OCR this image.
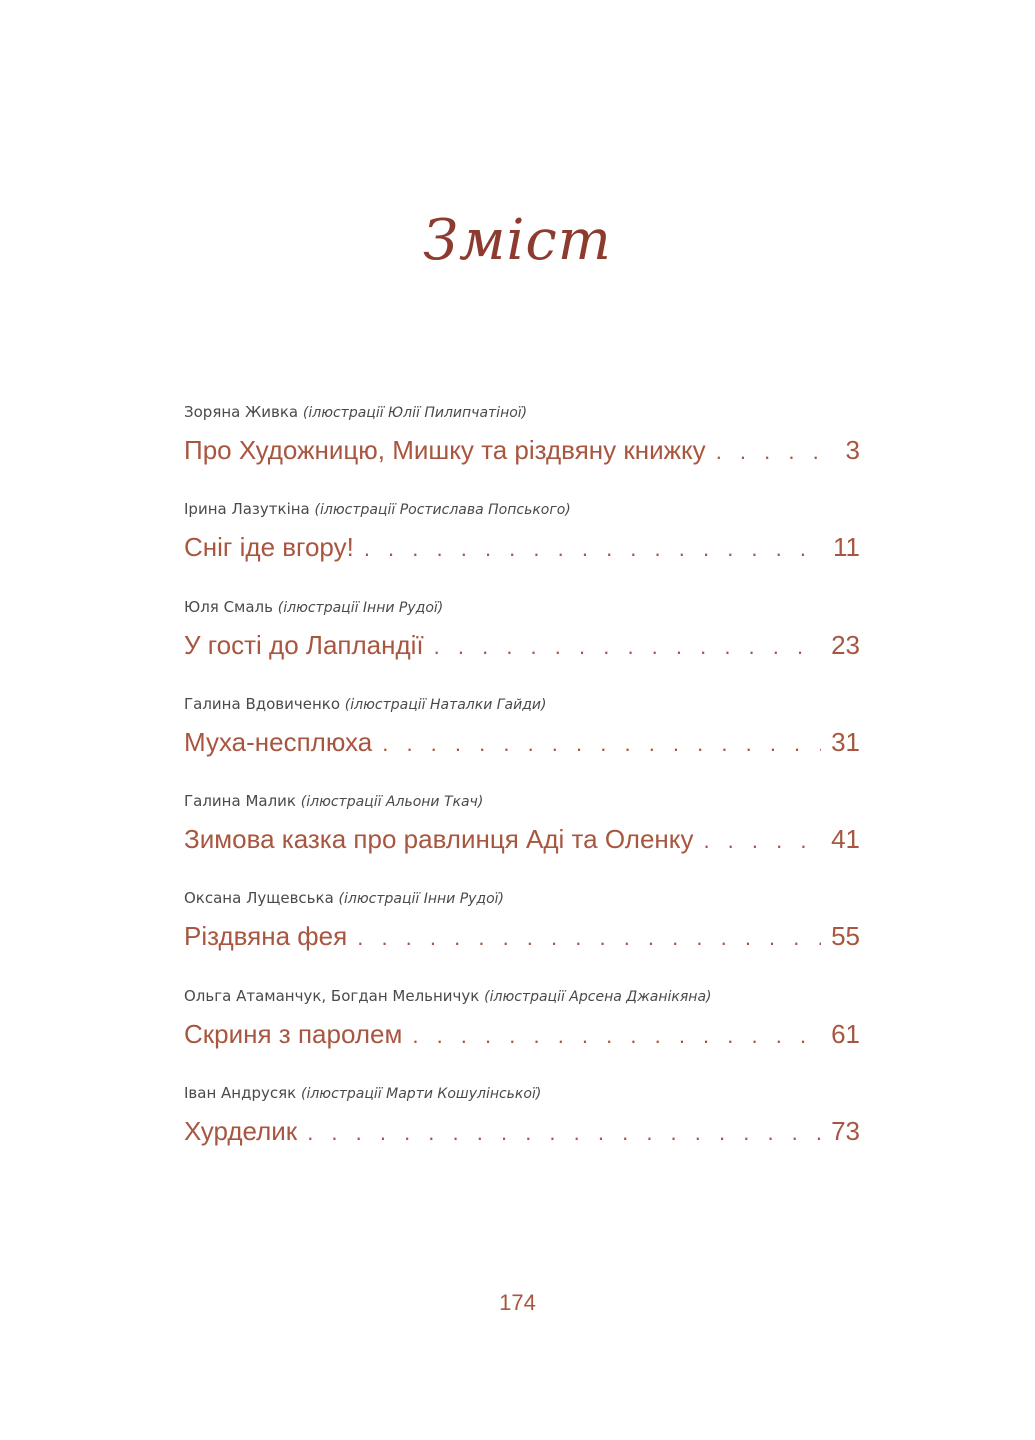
Зміст
Зоряна Живка (ілюстрації Юлії Пилипчатіної)
Про Художницю, Мишку та різдвяну книжку . . .	3
Ірина Лазуткіна (ілюстрації Ростислава Попського)
Сніг іде вгору! . . .	11
Юля Смаль (ілюстрації Інни Рудої)
У гості до Лапландії . . .	23
Галина Вдовиченко (ілюстрації Наталки Гайди)
Муха-несплюха . . .	31
Галина Малик (ілюстрації Альони Ткач)
Зимова казка про равлинця Аді та Оленку . . .	41
Оксана Лущевська (ілюстрації Інни Рудої)
Різдвяна фея . . .	55
Ольга Атаманчук, Богдан Мельничук (ілюстрації Арсена Джанікяна)
Скриня з паролем . . .	61
Іван Андрусяк (ілюстрації Марти Кошулінської)
Хурделик . . .	73
174
